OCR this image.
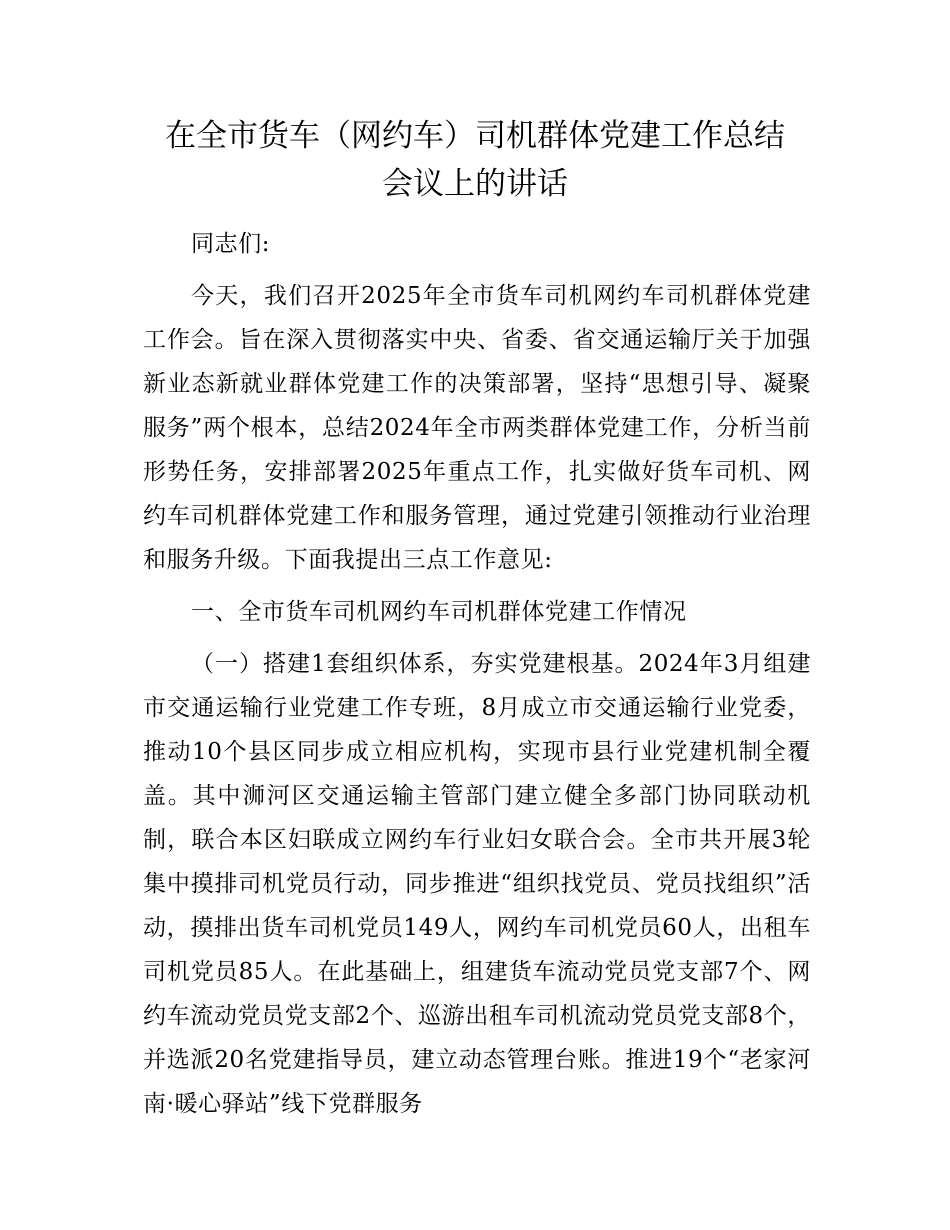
在全市货车（网约车）司机群体党建工作总结
会议上的讲话

同志们:

今天，我们召开2025年全市货车司机网约车司机群体党建工作会。旨在深入贯彻落实中央、省委、省交通运输厅关于加强新业态新就业群体党建工作的决策部署，坚持“思想引导、凝聚服务”两个根本，总结2024年全市两类群体党建工作，分析当前形势任务，安排部署2025年重点工作，扎实做好货车司机、网约车司机群体党建工作和服务管理，通过党建引领推动行业治理和服务升级。下面我提出三点工作意见:

一、全市货车司机网约车司机群体党建工作情况

（一）搭建1套组织体系，夯实党建根基。2024年3月组建市交通运输行业党建工作专班，8月成立市交通运输行业党委，推动10个县区同步成立相应机构，实现市县行业党建机制全覆盖。其中浉河区交通运输主管部门建立健全多部门协同联动机制，联合本区妇联成立网约车行业妇女联合会。全市共开展3轮集中摸排司机党员行动，同步推进“组织找党员、党员找组织”活动，摸排出货车司机党员149人，网约车司机党员60人，出租车司机党员85人。在此基础上，组建货车流动党员党支部7个、网约车流动党员党支部2个、巡游出租车司机流动党员党支部8个，并选派20名党建指导员，建立动态管理台账。推进19个“老家河南·暖心驿站”线下党群服务
